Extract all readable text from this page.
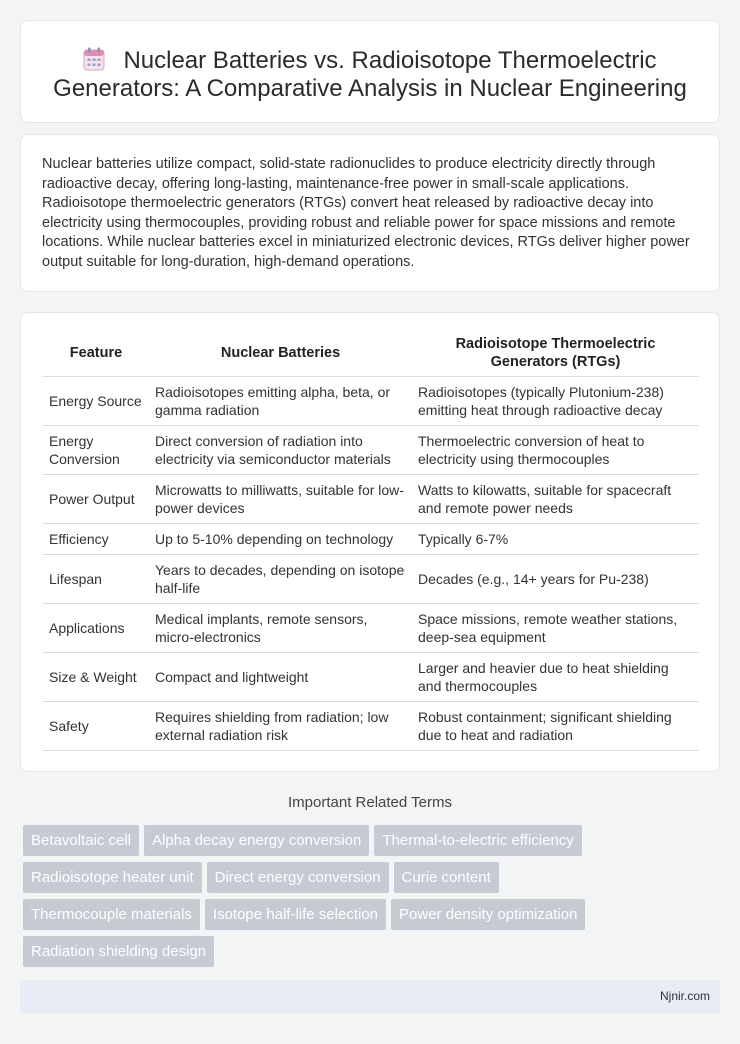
Nuclear Batteries vs. Radioisotope Thermoelectric Generators: A Comparative Analysis in Nuclear Engineering

Nuclear batteries utilize compact, solid-state radionuclides to produce electricity directly through radioactive decay, offering long-lasting, maintenance-free power in small-scale applications. Radioisotope thermoelectric generators (RTGs) convert heat released by radioactive decay into electricity using thermocouples, providing robust and reliable power for space missions and remote locations. While nuclear batteries excel in miniaturized electronic devices, RTGs deliver higher power output suitable for long-duration, high-demand operations.

Feature	Nuclear Batteries	Radioisotope Thermoelectric Generators (RTGs)
Energy Source	Radioisotopes emitting alpha, beta, or gamma radiation	Radioisotopes (typically Plutonium-238) emitting heat through radioactive decay
Energy Conversion	Direct conversion of radiation into electricity via semiconductor materials	Thermoelectric conversion of heat to electricity using thermocouples
Power Output	Microwatts to milliwatts, suitable for low-power devices	Watts to kilowatts, suitable for spacecraft and remote power needs
Efficiency	Up to 5-10% depending on technology	Typically 6-7%
Lifespan	Years to decades, depending on isotope half-life	Decades (e.g., 14+ years for Pu-238)
Applications	Medical implants, remote sensors, micro-electronics	Space missions, remote weather stations, deep-sea equipment
Size & Weight	Compact and lightweight	Larger and heavier due to heat shielding and thermocouples
Safety	Requires shielding from radiation; low external radiation risk	Robust containment; significant shielding due to heat and radiation
Important Related Terms
Betavoltaic cell Alpha decay energy conversion Thermal-to-electric efficiency
Radioisotope heater unit Direct energy conversion Curie content
Thermocouple materials Isotope half-life selection Power density optimization
Radiation shielding design
Njnir.com
